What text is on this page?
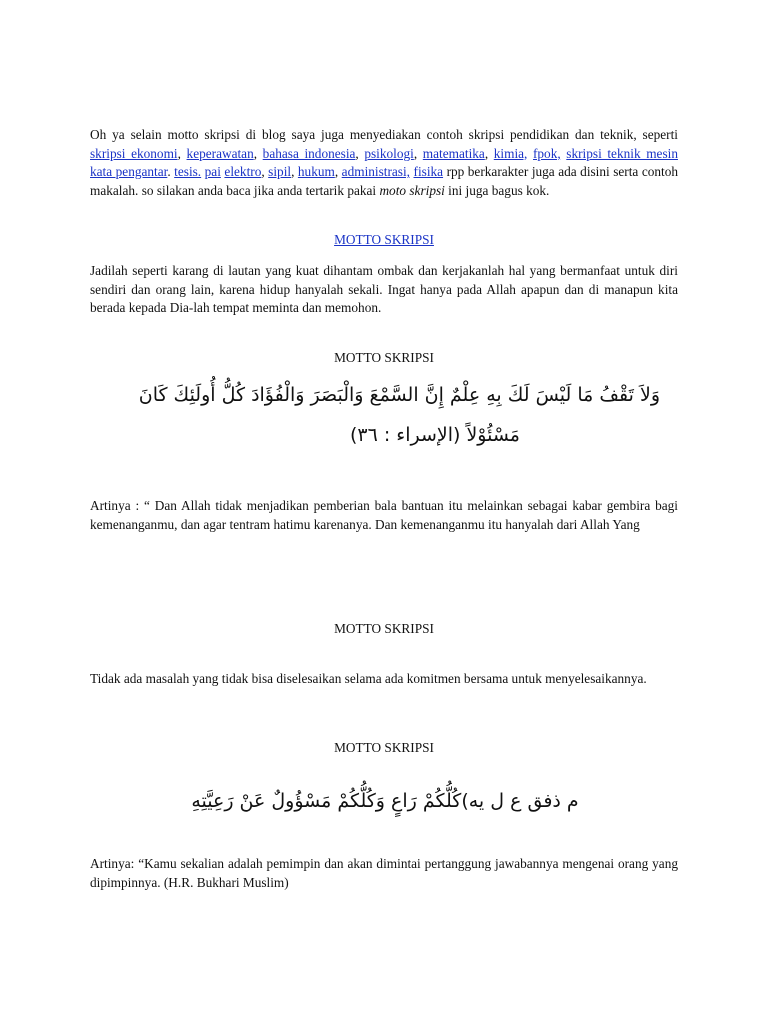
Oh ya selain motto skripsi di blog saya juga menyediakan contoh skripsi pendidikan dan teknik, seperti skripsi ekonomi, keperawatan, bahasa indonesia, psikologi, matematika, kimia, fpok, skripsi teknik mesin kata pengantar. tesis. pai elektro, sipil, hukum, administrasi, fisika rpp berkarakter juga ada disini serta contoh makalah. so silakan anda baca jika anda tertarik pakai moto skripsi ini juga bagus kok.

MOTTO SKRIPSI

Jadilah seperti karang di lautan yang kuat dihantam ombak dan kerjakanlah hal yang bermanfaat untuk diri sendiri dan orang lain, karena hidup hanyalah sekali. Ingat hanya pada Allah apapun dan di manapun kita berada kepada Dia-lah tempat meminta dan memohon.

MOTTO SKRIPSI
وَلاَ تَقْفُ مَا لَيْسَ لَكَ بِهِ عِلْمٌ إِنَّ السَّمْعَ وَالْبَصَرَ وَالْفُؤَادَ كُلُّ أُولَئِكَ كَانَ
مَسْئُوْلاً (الإسراء : ٣٦)

Artinya : “ Dan Allah tidak menjadikan pemberian bala bantuan itu melainkan sebagai kabar gembira bagi kemenanganmu, dan agar tentram hatimu karenanya. Dan kemenanganmu itu hanyalah dari Allah Yang

MOTTO SKRIPSI

Tidak ada masalah yang tidak bisa diselesaikan selama ada komitmen bersama untuk menyelesaikannya.

MOTTO SKRIPSI
م ذفق ع ل يه)كُلُّكُمْ رَاعٍ وَكُلُّكُمْ مَسْؤُولٌ عَنْ رَعِيَّتِهِ

Artinya: “Kamu sekalian adalah pemimpin dan akan dimintai pertanggung jawabannya mengenai orang yang dipimpinnya. (H.R. Bukhari Muslim)
